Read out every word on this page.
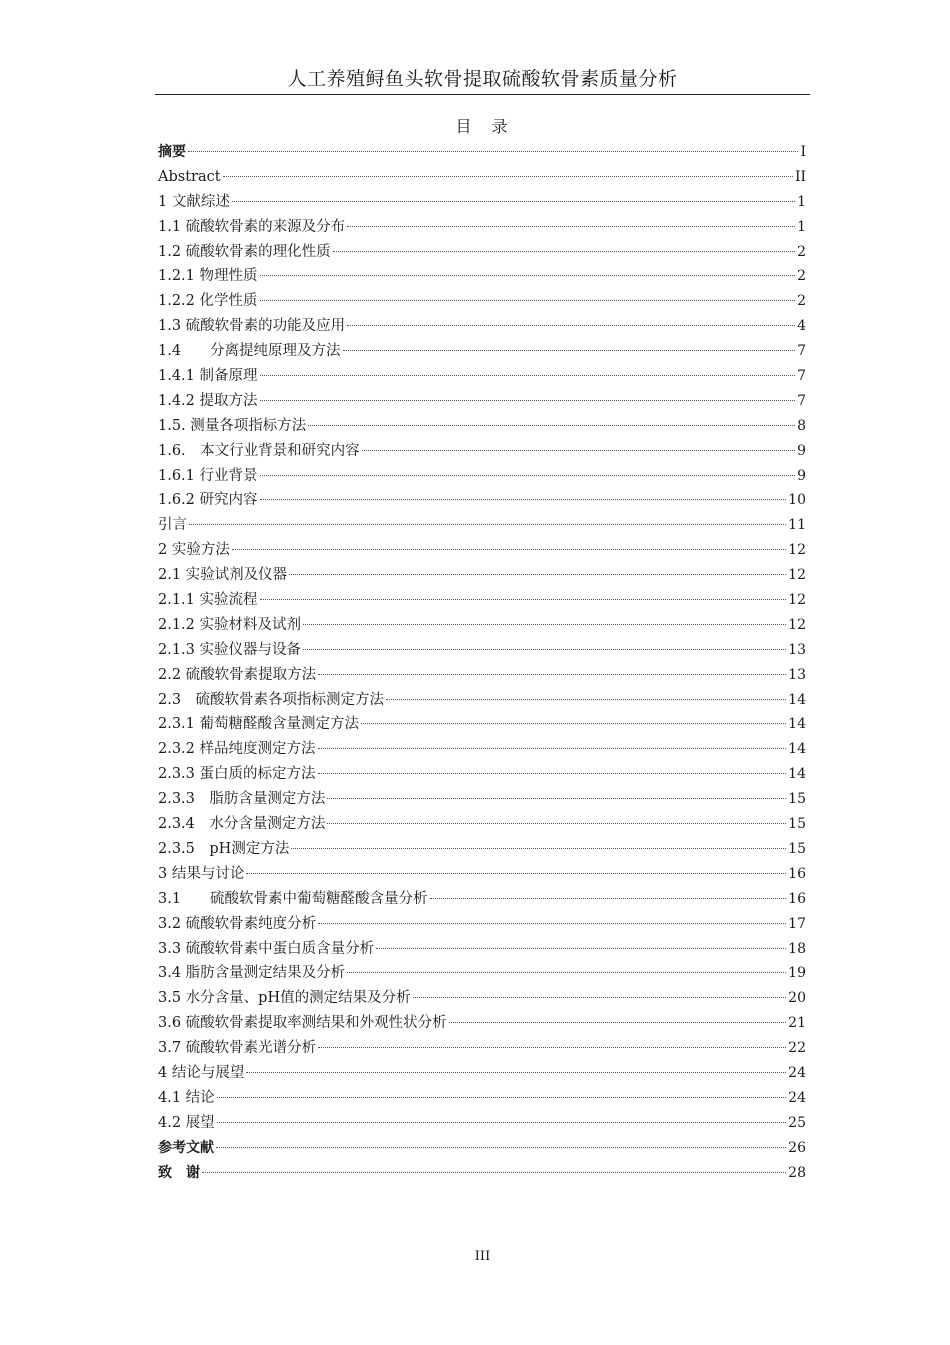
人工养殖鲟鱼头软骨提取硫酸软骨素质量分析
目　录
摘要	I
Abstract	II
1 文献综述	1
1.1 硫酸软骨素的来源及分布	1
1.2 硫酸软骨素的理化性质	2
1.2.1 物理性质	2
1.2.2 化学性质	2
1.3 硫酸软骨素的功能及应用	4
1.4　　分离提纯原理及方法	7
1.4.1 制备原理	7
1.4.2 提取方法	7
1.5. 测量各项指标方法	8
1.6.　本文行业背景和研究内容	9
1.6.1 行业背景	9
1.6.2 研究内容	10
引言	11
2 实验方法	12
2.1 实验试剂及仪器	12
2.1.1 实验流程	12
2.1.2 实验材料及试剂	12
2.1.3 实验仪器与设备	13
2.2 硫酸软骨素提取方法	13
2.3　硫酸软骨素各项指标测定方法	14
2.3.1 葡萄糖醛酸含量测定方法	14
2.3.2 样品纯度测定方法	14
2.3.3 蛋白质的标定方法	14
2.3.3　脂肪含量测定方法	15
2.3.4　水分含量测定方法	15
2.3.5　pH测定方法	15
3 结果与讨论	16
3.1　　硫酸软骨素中葡萄糖醛酸含量分析	16
3.2 硫酸软骨素纯度分析	17
3.3 硫酸软骨素中蛋白质含量分析	18
3.4 脂肪含量测定结果及分析	19
3.5 水分含量、pH值的测定结果及分析	20
3.6 硫酸软骨素提取率测结果和外观性状分析	21
3.7 硫酸软骨素光谱分析	22
4 结论与展望	24
4.1 结论	24
4.2 展望	25
参考文献	26
致　谢	28
III
